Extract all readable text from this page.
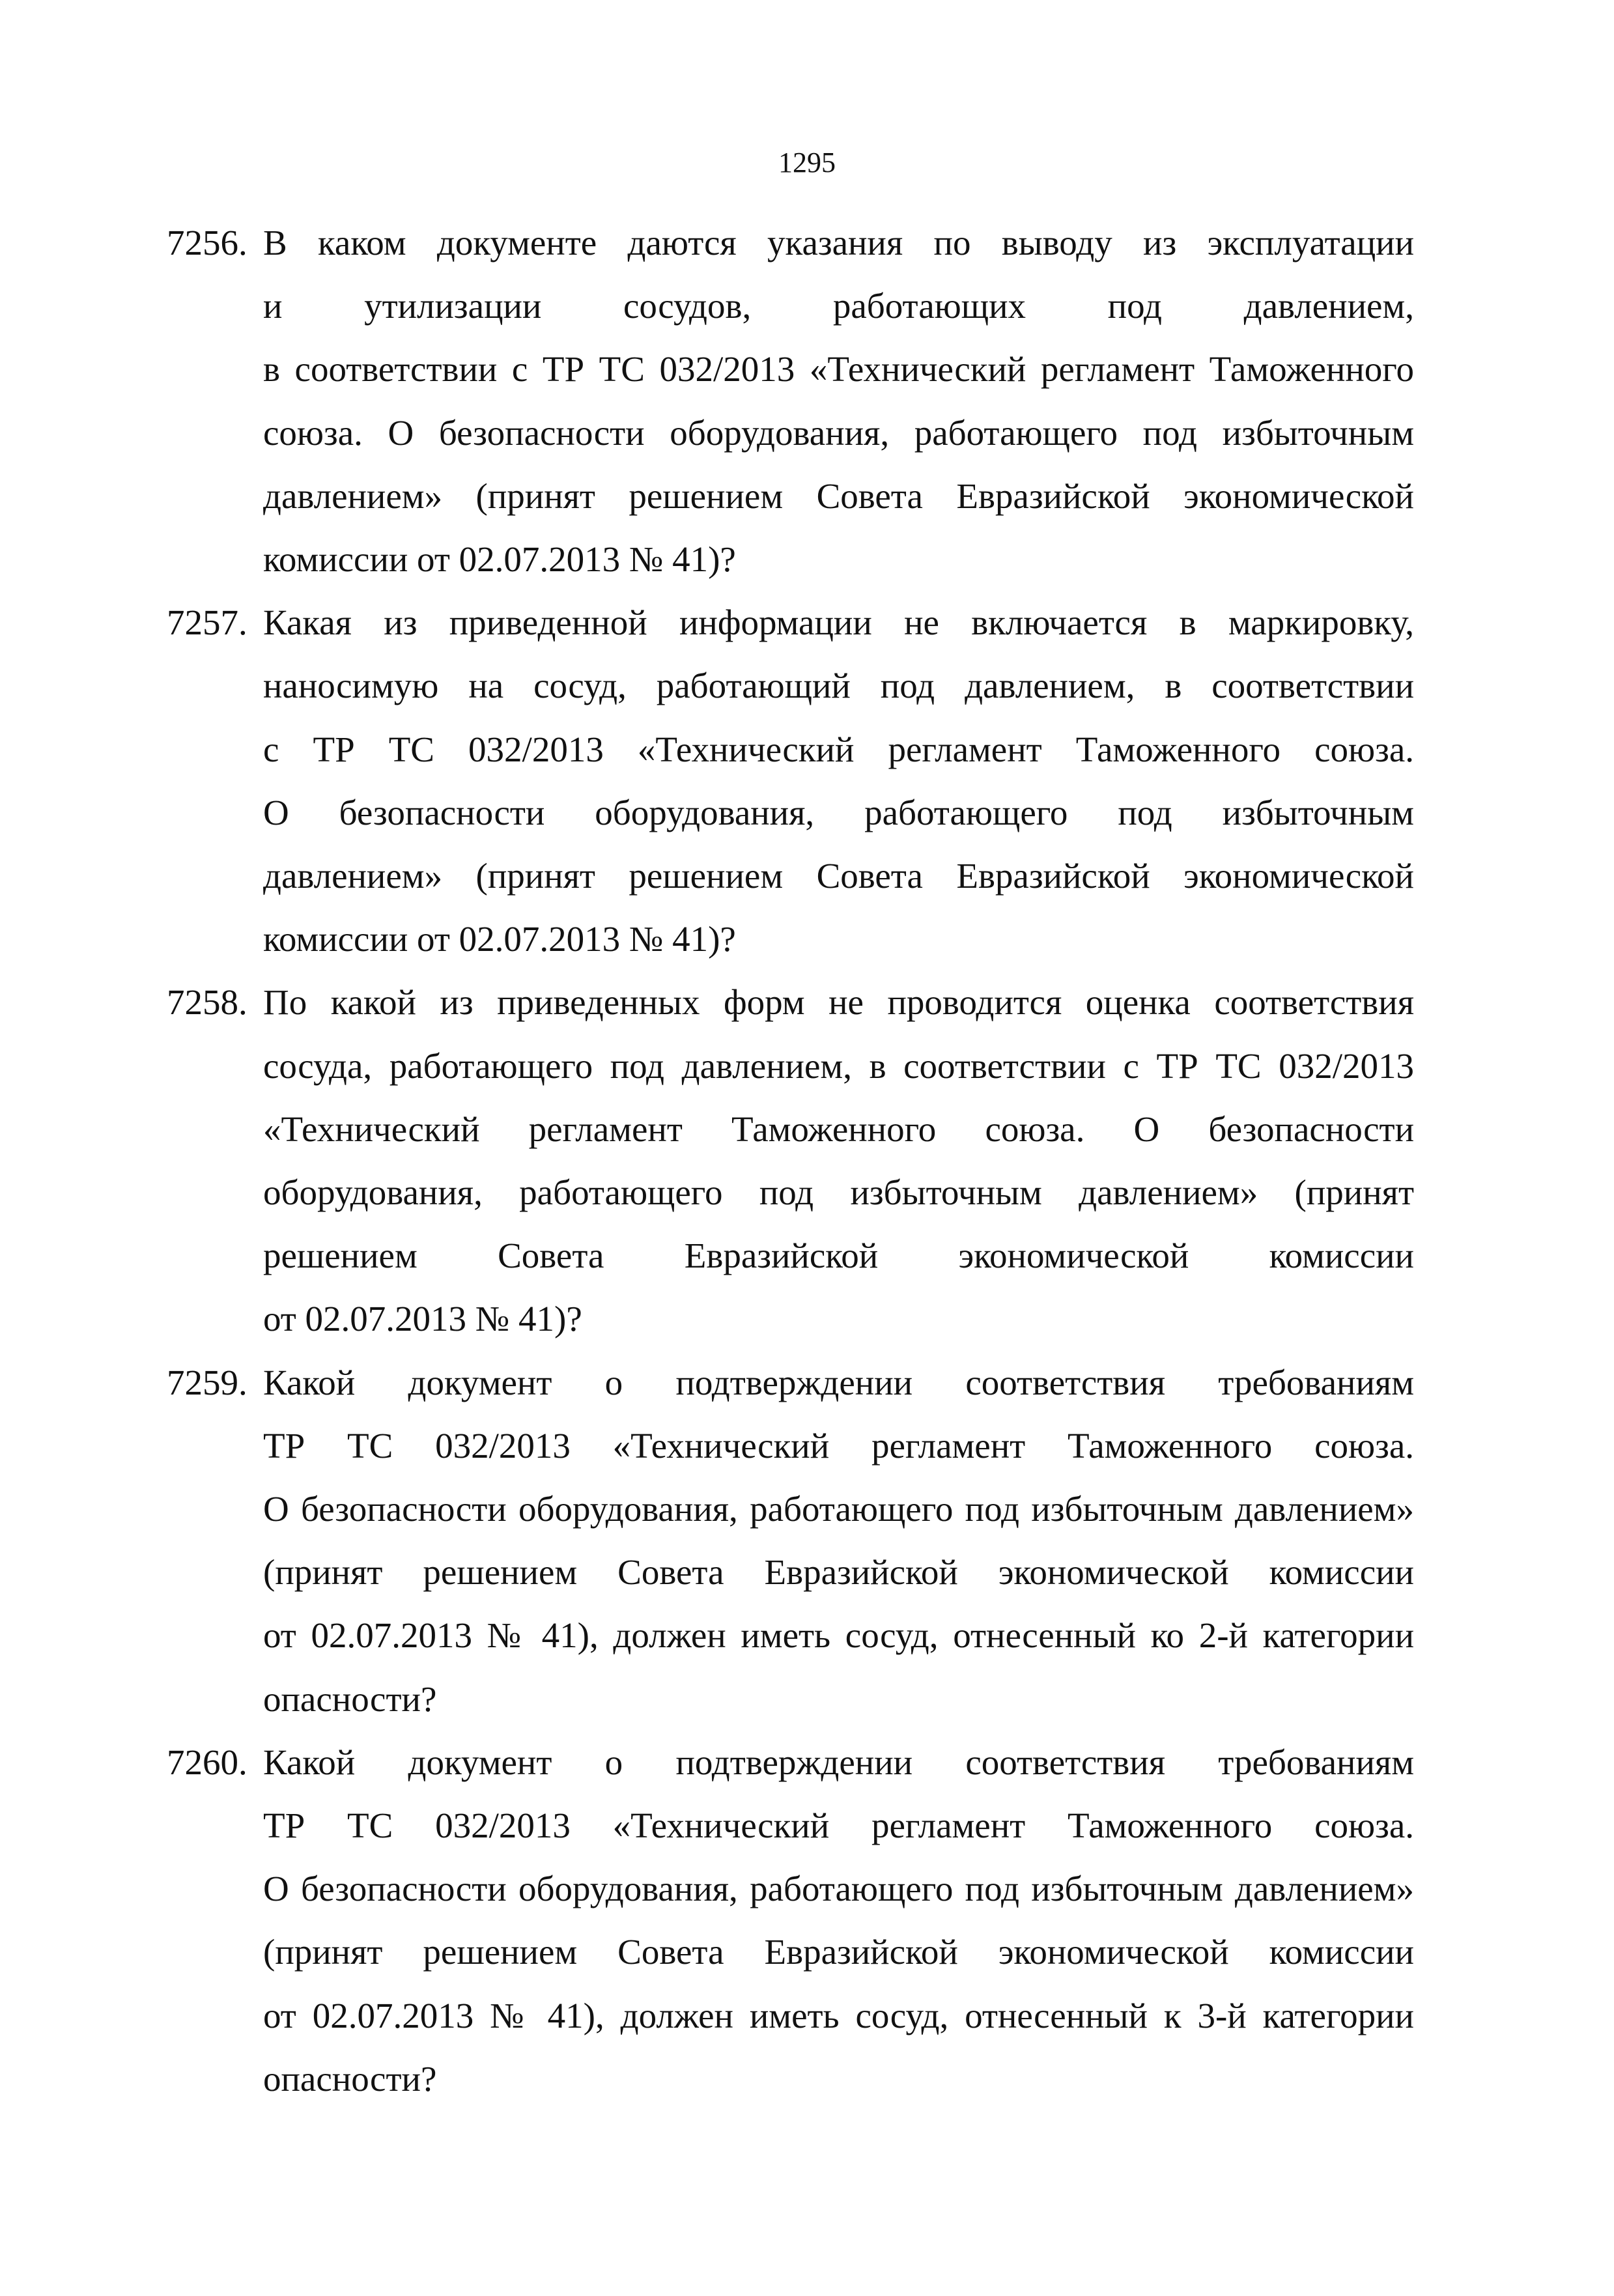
1295
7256. В каком документе даются указания по выводу из эксплуатации
и утилизации сосудов, работающих под давлением,
в соответствии с ТР ТС 032/2013 «Технический регламент Таможенного
союза. О безопасности оборудования, работающего под избыточным
давлением» (принят решением Совета Евразийской экономической
комиссии от 02.07.2013 № 41)?
7257. Какая из приведенной информации не включается в маркировку,
наносимую на сосуд, работающий под давлением, в соответствии
с ТР ТС 032/2013 «Технический регламент Таможенного союза.
О безопасности оборудования, работающего под избыточным
давлением» (принят решением Совета Евразийской экономической
комиссии от 02.07.2013 № 41)?
7258. По какой из приведенных форм не проводится оценка соответствия
сосуда, работающего под давлением, в соответствии с ТР ТС 032/2013
«Технический регламент Таможенного союза. О безопасности
оборудования, работающего под избыточным давлением» (принят
решением Совета Евразийской экономической комиссии
от 02.07.2013 № 41)?
7259. Какой документ о подтверждении соответствия требованиям
ТР ТС 032/2013 «Технический регламент Таможенного союза.
О безопасности оборудования, работающего под избыточным давлением»
(принят решением Совета Евразийской экономической комиссии
от 02.07.2013 № 41), должен иметь сосуд, отнесенный ко 2-й категории
опасности?
7260. Какой документ о подтверждении соответствия требованиям
ТР ТС 032/2013 «Технический регламент Таможенного союза.
О безопасности оборудования, работающего под избыточным давлением»
(принят решением Совета Евразийской экономической комиссии
от 02.07.2013 № 41), должен иметь сосуд, отнесенный к 3-й категории
опасности?
